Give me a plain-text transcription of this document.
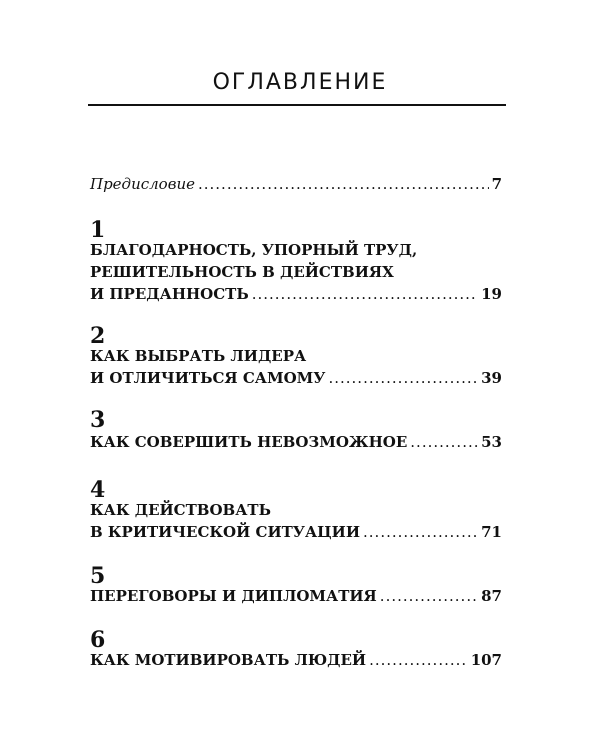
ОГЛАВЛЕНИЕ
Предисловие .....	7
1
БЛАГОДАРНОСТЬ, УПОРНЫЙ ТРУД,
РЕШИТЕЛЬНОСТЬ В ДЕЙСТВИЯХ
И ПРЕДАННОСТЬ .....	19
2
КАК ВЫБРАТЬ ЛИДЕРА
И ОТЛИЧИТЬСЯ САМОМУ .....	39
3
КАК СОВЕРШИТЬ НЕВОЗМОЖНОЕ .....	53
4
КАК ДЕЙСТВОВАТЬ
В КРИТИЧЕСКОЙ СИТУАЦИИ .....	71
5
ПЕРЕГОВОРЫ И ДИПЛОМАТИЯ .....	87
6
КАК МОТИВИРОВАТЬ ЛЮДЕЙ .....	107
